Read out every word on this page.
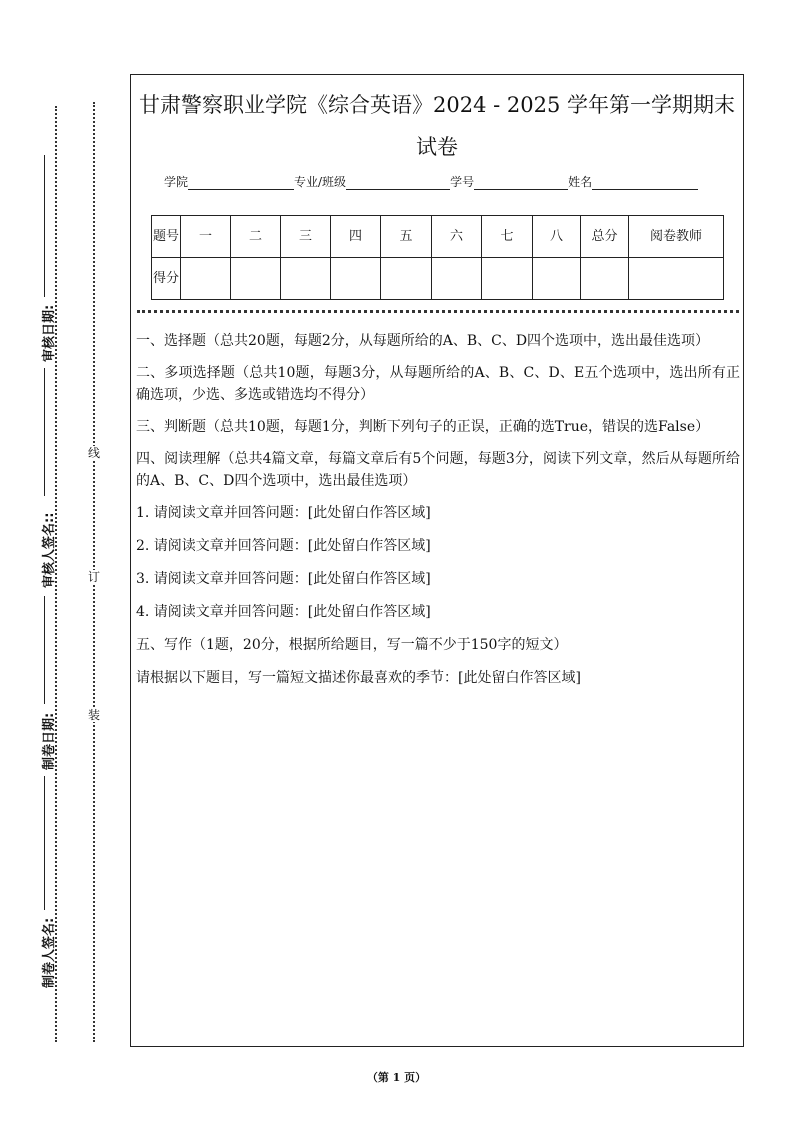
审核日期:
审核人签名::
制卷日期:
制卷人签名:
线
订
装
甘肃警察职业学院《综合英语》2024 - 2025 学年第一学期期末试卷
学院	专业/班级	学号	姓名
题号	一	二	三	四	五	六	七	八	总分	阅卷教师
得分										

一、选择题（总共20题，每题2分，从每题所给的A、B、C、D四个选项中，选出最佳选项）

二、多项选择题（总共10题，每题3分，从每题所给的A、B、C、D、E五个选项中，选出所有正确选项，少选、多选或错选均不得分）

三、判断题（总共10题，每题1分，判断下列句子的正误，正确的选True，错误的选False）

四、阅读理解（总共4篇文章，每篇文章后有5个问题，每题3分，阅读下列文章，然后从每题所给的A、B、C、D四个选项中，选出最佳选项）

1. 请阅读文章并回答问题：[此处留白作答区域]

2. 请阅读文章并回答问题：[此处留白作答区域]

3. 请阅读文章并回答问题：[此处留白作答区域]

4. 请阅读文章并回答问题：[此处留白作答区域]

五、写作（1题，20分，根据所给题目，写一篇不少于150字的短文）

请根据以下题目，写一篇短文描述你最喜欢的季节：[此处留白作答区域]

（第 1 页）
